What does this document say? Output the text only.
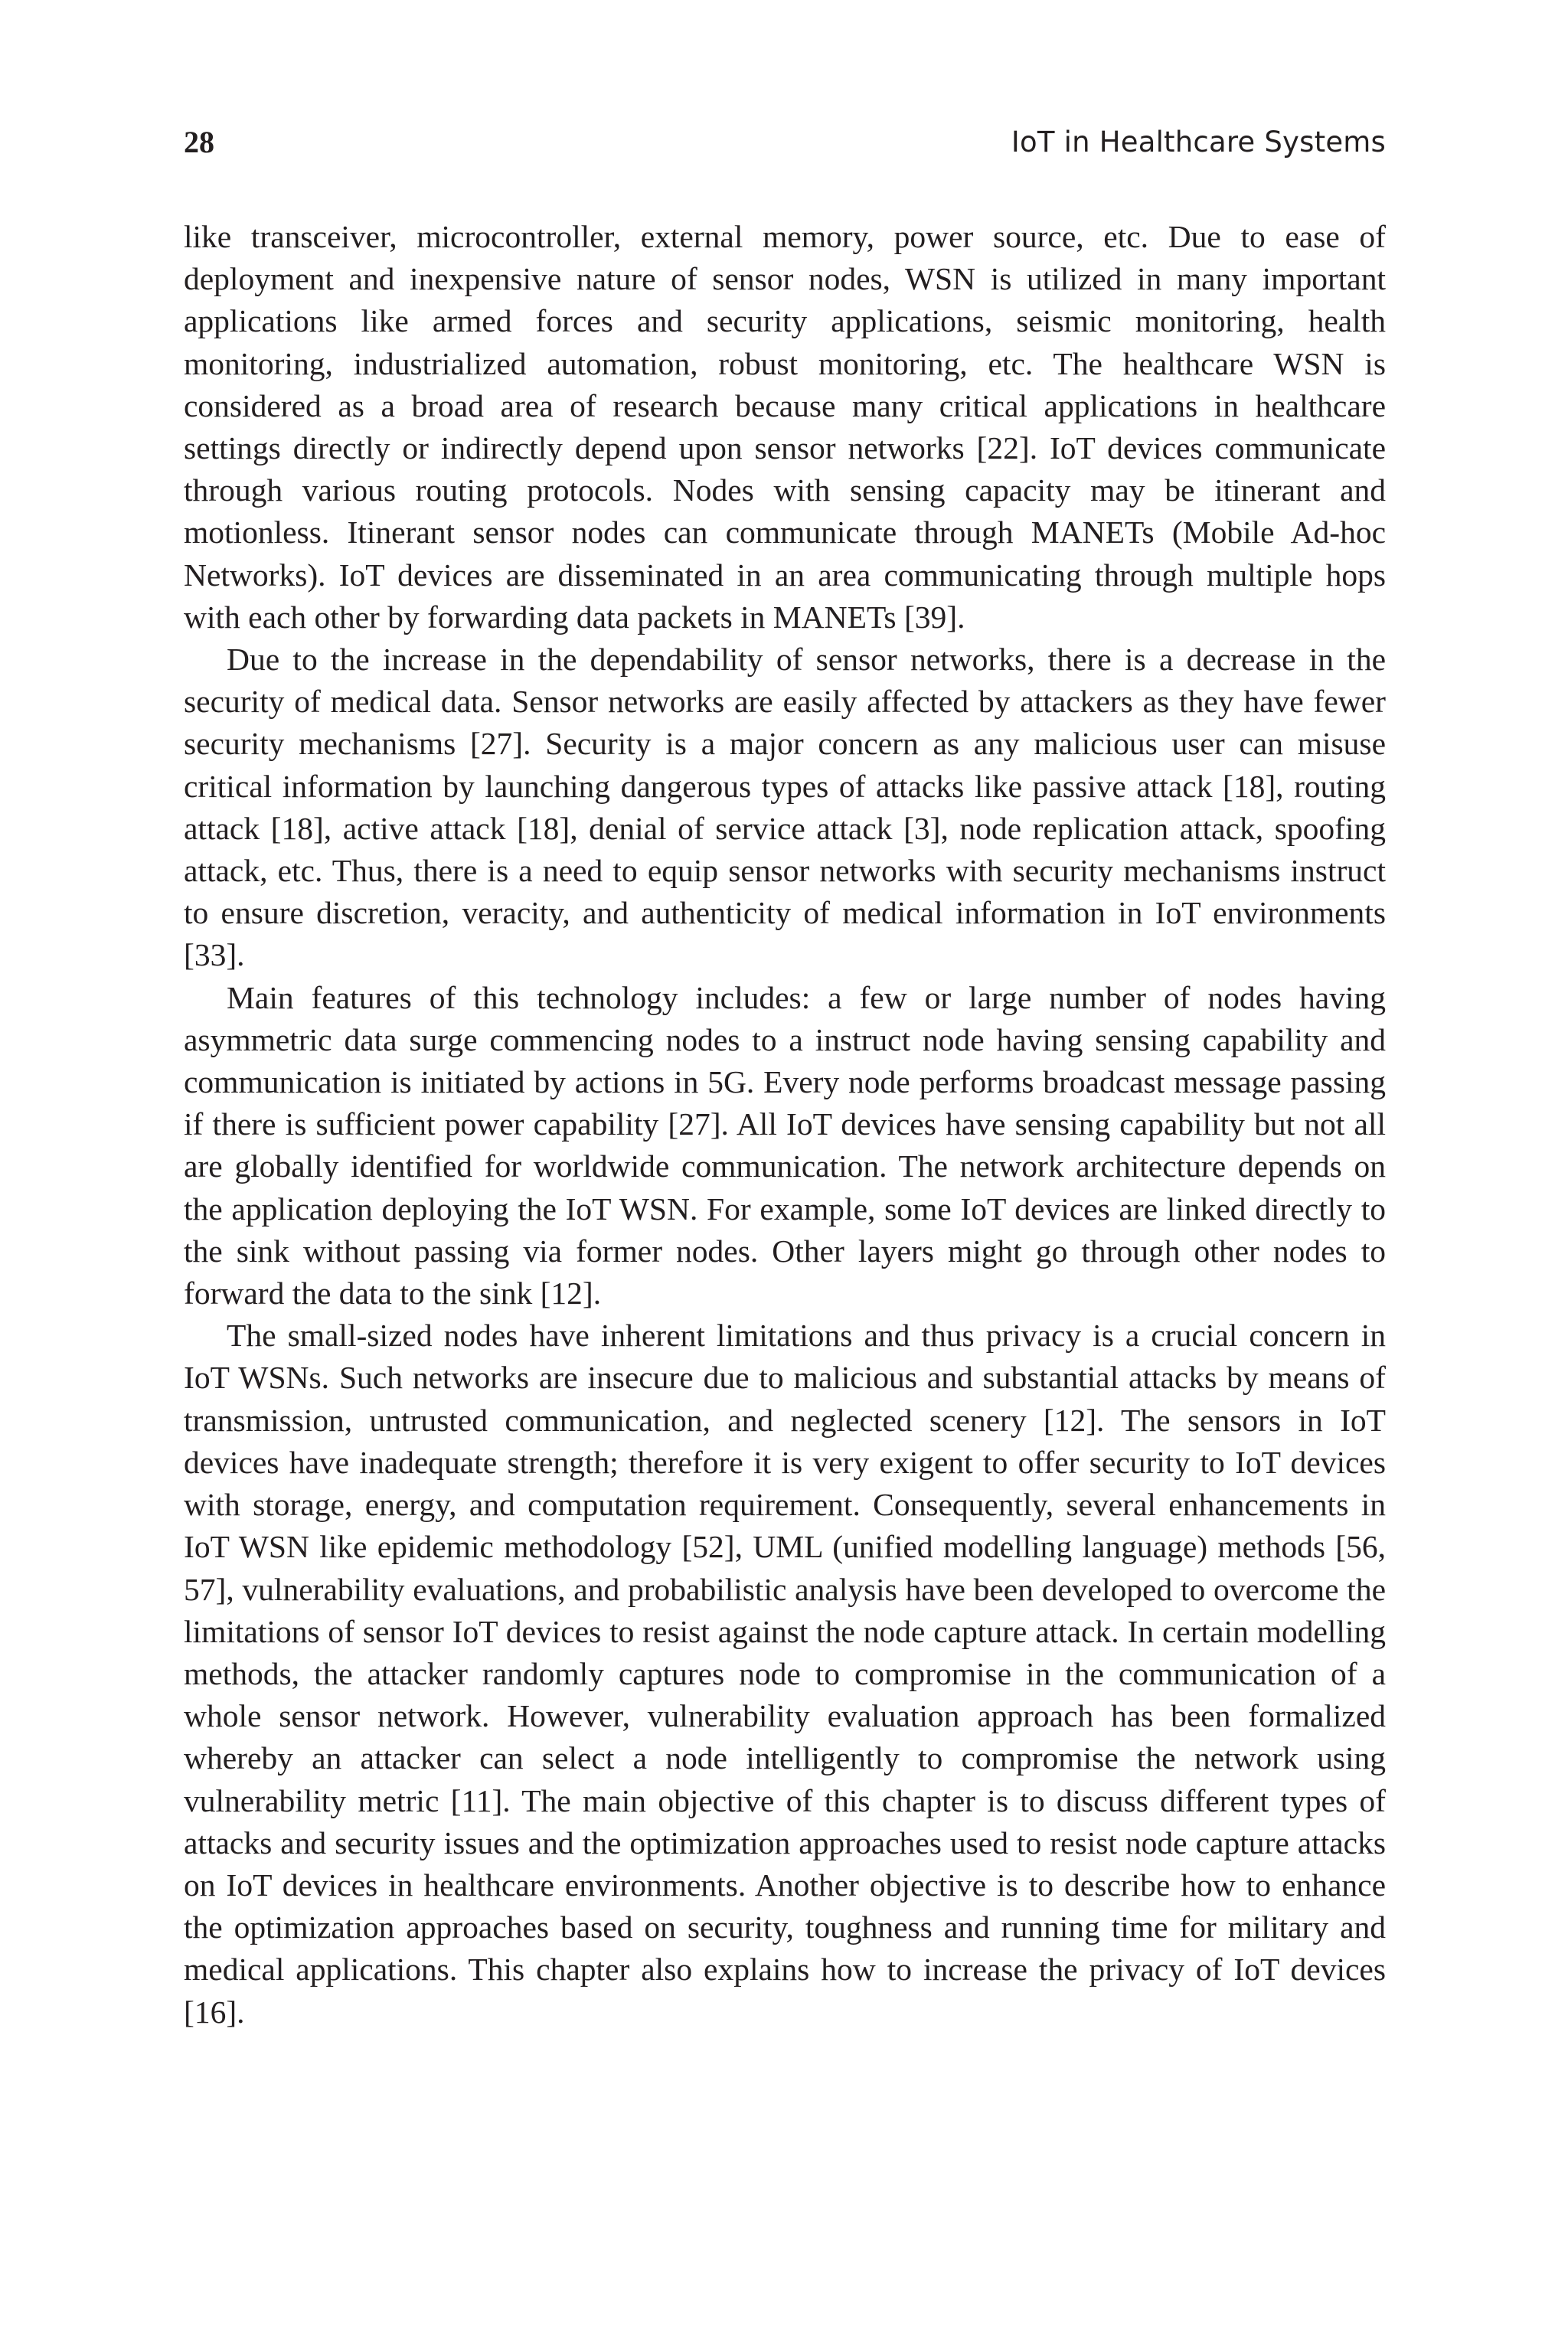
28	IoT in Healthcare Systems

like transceiver, microcontroller, external memory, power source, etc. Due to ease of deployment and inexpensive nature of sensor nodes, WSN is utilized in many important applications like armed forces and security applications, seismic monitoring, health monitoring, industrialized automation, robust monitoring, etc. The healthcare WSN is considered as a broad area of research because many critical applications in healthcare settings directly or indirectly depend upon sensor networks [22]. IoT devices communicate through various routing protocols. Nodes with sensing capacity may be itinerant and motionless. Itinerant sensor nodes can communicate through MANETs (Mobile Ad-hoc Networks). IoT devices are disseminated in an area communicating through multiple hops with each other by forwarding data packets in MANETs [39].

Due to the increase in the dependability of sensor networks, there is a decrease in the security of medical data. Sensor networks are easily affected by attackers as they have fewer security mechanisms [27]. Security is a major concern as any malicious user can misuse critical information by launching dangerous types of attacks like passive attack [18], routing attack [18], active attack [18], denial of service attack [3], node replication attack, spoofing attack, etc. Thus, there is a need to equip sensor networks with security mechanisms instruct to ensure discretion, veracity, and authenticity of medical information in IoT environments [33].

Main features of this technology includes: a few or large number of nodes having asymmetric data surge commencing nodes to a instruct node having sensing capability and communication is initiated by actions in 5G. Every node performs broadcast message passing if there is sufficient power capability [27]. All IoT devices have sensing capability but not all are globally identified for worldwide communication. The network architecture depends on the application deploying the IoT WSN. For example, some IoT devices are linked directly to the sink without passing via former nodes. Other layers might go through other nodes to forward the data to the sink [12].

The small-sized nodes have inherent limitations and thus privacy is a crucial concern in IoT WSNs. Such networks are insecure due to malicious and substantial attacks by means of transmission, untrusted communication, and neglected scenery [12]. The sensors in IoT devices have inadequate strength; therefore it is very exigent to offer security to IoT devices with storage, energy, and computation requirement. Consequently, several enhancements in IoT WSN like epidemic methodology [52], UML (unified modelling language) methods [56, 57], vulnerability evaluations, and probabilistic analysis have been developed to overcome the limitations of sensor IoT devices to resist against the node capture attack. In certain modelling methods, the attacker randomly captures node to compromise in the communication of a whole sensor network. However, vulnerability evaluation approach has been formalized whereby an attacker can select a node intelligently to compromise the network using vulnerability metric [11]. The main objective of this chapter is to discuss different types of attacks and security issues and the optimization approaches used to resist node capture attacks on IoT devices in healthcare environments. Another objective is to describe how to enhance the optimization approaches based on security, toughness and running time for military and medical applications. This chapter also explains how to increase the privacy of IoT devices [16].
